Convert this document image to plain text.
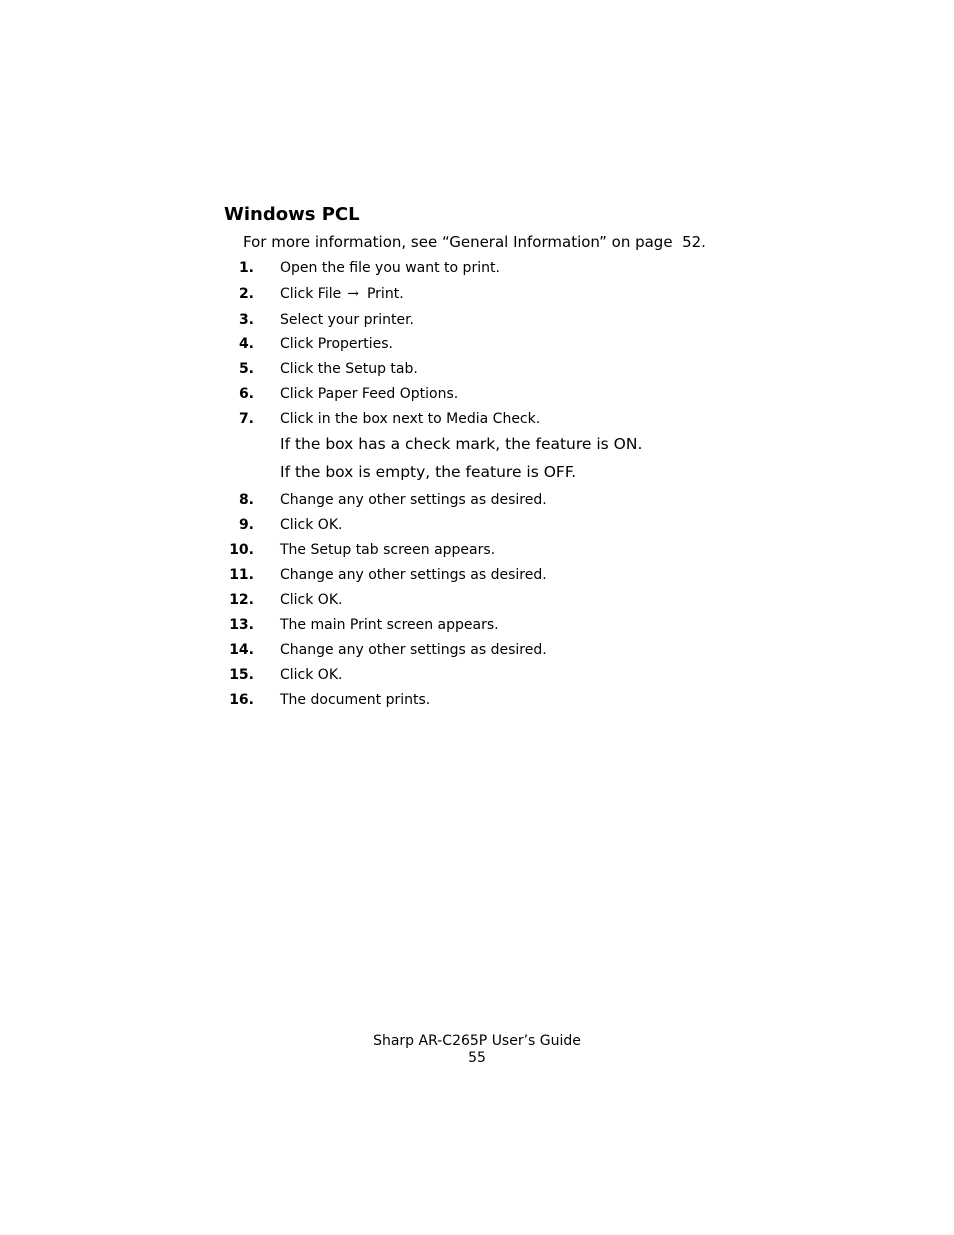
Windows PCL

For more information, see “General Information” on page  52.

1. Open the file you want to print.
2. Click File → Print.
3. Select your printer.
4. Click Properties.
5. Click the Setup tab.
6. Click Paper Feed Options.
7. Click in the box next to Media Check.
If the box has a check mark, the feature is ON.
If the box is empty, the feature is OFF.
8. Change any other settings as desired.
9. Click OK.
10. The Setup tab screen appears.
11. Change any other settings as desired.
12. Click OK.
13. The main Print screen appears.
14. Change any other settings as desired.
15. Click OK.
16. The document prints.
Sharp AR-C265P User’s Guide
55
